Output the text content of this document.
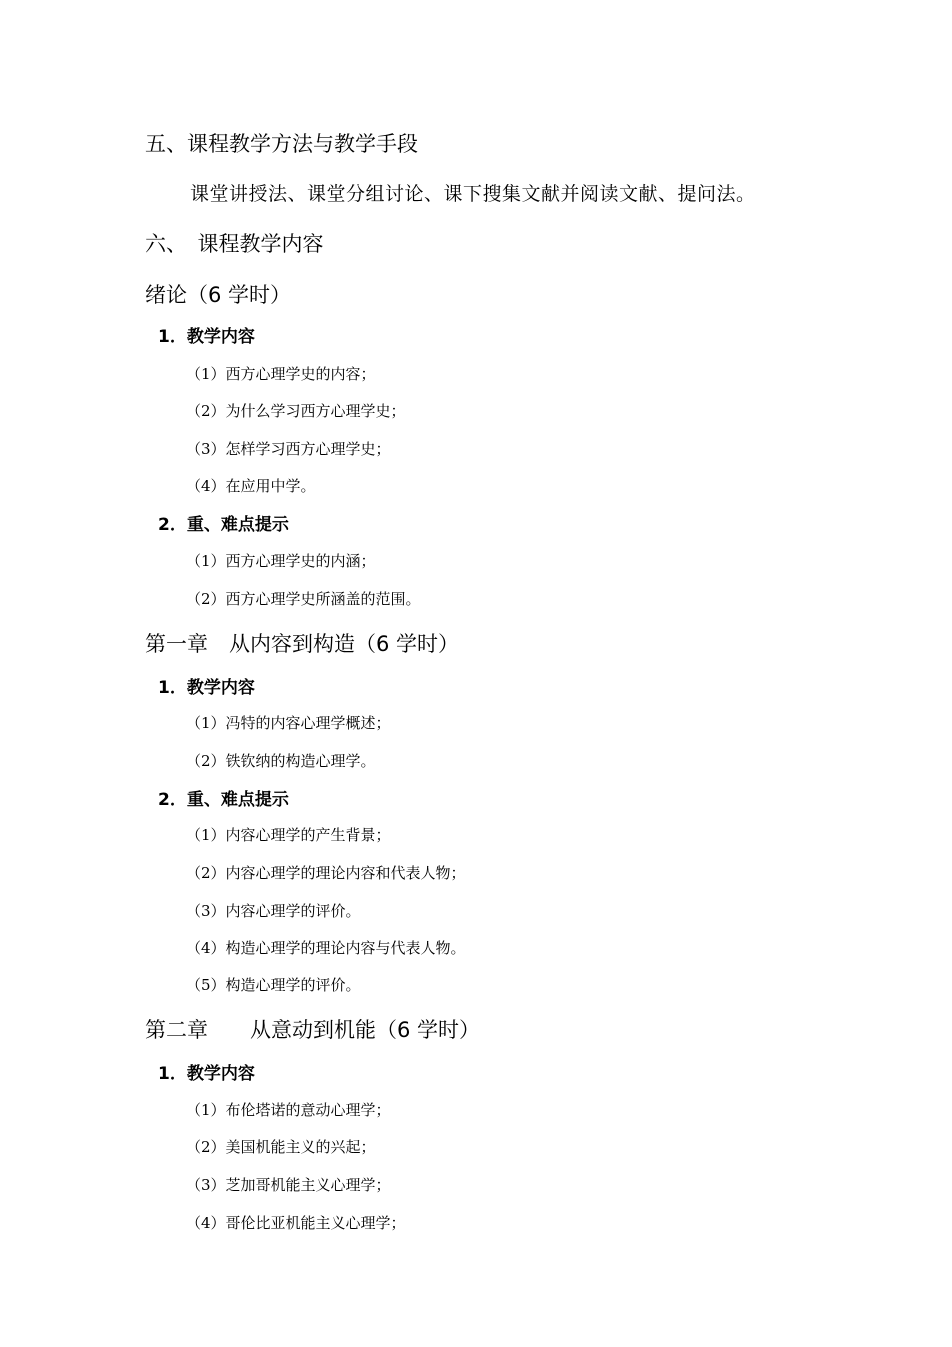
五、课程教学方法与教学手段
课堂讲授法、课堂分组讨论、课下搜集文献并阅读文献、提问法。
六、　课程教学内容
绪论（6 学时）
1．教学内容
（1）西方心理学史的内容；
（2）为什么学习西方心理学史；
（3）怎样学习西方心理学史；
（4）在应用中学。
2．重、难点提示
（1）西方心理学史的内涵；
（2）西方心理学史所涵盖的范围。
第一章　从内容到构造（6 学时）
1．教学内容
（1）冯特的内容心理学概述；
（2）铁钦纳的构造心理学。
2．重、难点提示
（1）内容心理学的产生背景；
（2）内容心理学的理论内容和代表人物；
（3）内容心理学的评价。
（4）构造心理学的理论内容与代表人物。
（5）构造心理学的评价。
第二章　　从意动到机能（6 学时）
1．教学内容
（1）布伦塔诺的意动心理学；
（2）美国机能主义的兴起；
（3）芝加哥机能主义心理学；
（4）哥伦比亚机能主义心理学；
